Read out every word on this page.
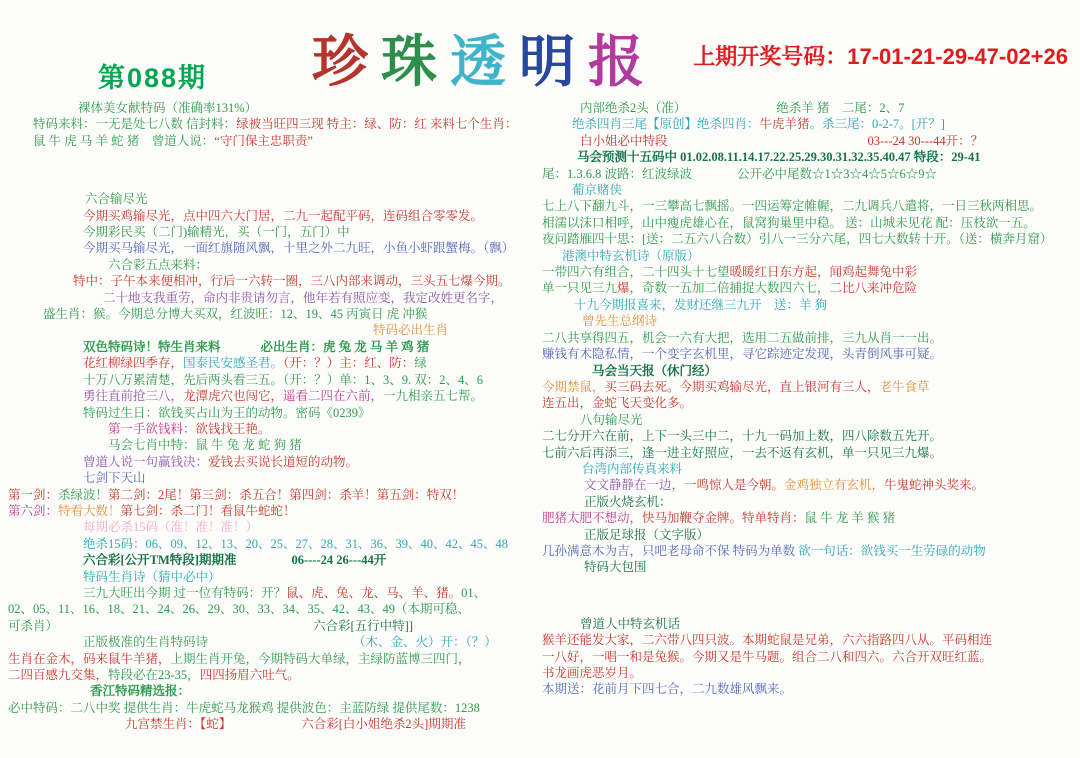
第088期 珍珠透明报 上期开奖号码：17-01-21-29-47-02+26
裸体美女献特码（准确率131%）
特码来料：一无是处七八数 信封料：绿被当旺四三现 特主：绿、防：红 来料七个生肖：
鼠 牛 虎 马 羊 蛇 猪　曾道人说：“守门保主忠职责”
六合输尽光
今期买鸡输尽光，点中四六大门居，二九一起配平码，连码组合零零发。
今期彩民买（二门)输精光，买（一门，五门）中
今期买马输尽光，一面红旗随风飘，十里之外二九旺，小鱼小虾跟蟹梅。（飘）
六合彩五点来料：
特中：子午本来便相冲，行后一六转一圈，三八内部来调动，三头五七爆今期。
二十地支我重劳，命内非贵请勿言，他年若有照应变，我定改姓更名字，
盛生肖：猴。今期总分博大买双，红波旺：12、19、45 丙寅日 虎 冲猴
特码必出生肖
双色特码诗！特生肖来料	必出生肖：虎 兔 龙 马 羊 鸡 猪
花红柳绿四季存，国泰民安感圣君。（开：？）主：红、防：绿
十万八万累清楚，先后两头看三五。（开：？）单：1、3、9. 双：2、4、6
勇往直前抢三八，龙潭虎穴也闯它，遥看二四在六前，一九相亲五七帮。
特码过生日：欲钱买占山为王的动物。密码《0239》
第一手欲钱料：欲钱找王艳。
马会七肖中特：鼠 牛 兔 龙 蛇 狗 猪
曾道人说一句赢钱决：爱钱去买说长道短的动物。
七剑下天山
第一剑：杀绿波！第二剑：2尾！第三剑：杀五合！第四剑：杀羊！第五剑：特双！
第六剑：特看大数！第七剑：杀二门！看鼠牛蛇蛇！
每期必杀15码（准！准！准！）
绝杀15码：06、09、12、13、20、25、27、28、31、36、39、40、42、45、48
六合彩[公开TM特段]期期准	06----24 26---44开
特码生肖诗（猜中必中）
三九大旺出今期 过一位有特码：开？鼠、虎、兔、龙、马、羊、猪。01、
02、05、11、16、18、21、24、26、29、30、33、34、35、42、43、49（本期可稳、
可杀肖）	六合彩[五行中特]]
正版极准的生肖特码诗	（木、金、火）开：（？）
生肖在金木，码来鼠牛羊猪，上期生肖开兔，今期特码大单绿，主绿防蓝博三四门，
二四百感九交集，特段必在23-35，四四扬眉六吐气。
香江特码精选报：
必中特码：二八中奖 提供生肖：牛虎蛇马龙猴鸡 提供波色：主蓝防绿 提供尾数：1238
九宫禁生肖：【蛇】	六合彩[白小姐绝杀2头]期期准
内部绝杀2头（准）	绝杀羊 猪　二尾：2、7
绝杀四肖三尾【原创】绝杀四肖：牛虎羊猪。杀三尾：0-2-7。[开？]
白小姐必中特段	03---24 30---44开：？
马会预测十五码中 01.02.08.11.14.17.22.25.29.30.31.32.35.40.47 特段：29-41
尾：1.3.6.8 波路：红波绿波	公开必中尾数☆1☆3☆4☆5☆6☆9☆
葡京赌侠
七上八下翻九斗，一三攀高七飘摇。一四运筹定帷幄，二九调兵八遣将，一日三秋两相思。
相濡以沫口相呼，山中瘦虎雄心在，鼠窝狗巢里中稳。 送：山城未见花 配：压枝欲一五。
夜问踏雁四十思：[送：二五六八合数）引八一三分六尾，四七大数转十开。（送：横奔月窟）
港澳中特玄机诗（原版）
一带四六有组合，二十四头十七望暖暖红日东方起，闻鸡起舞兔中彩
单一只见三九爆，奇数一五加二倍捕捉大数四六七，二比八来冲危险
十九今期报喜来，发财还继三九开　送：羊 狗
曾先生总纲诗
二八共享得四五，机会一六有大把，选用二五做前排，三九从肖一一出。
赚钱有术隐私情，一个变字玄机里，寻它踪迹定发现，头青倒风事可疑。
马会当天报（休门经）
今期禁鼠，买三码去死。今期买鸡输尽光，直上银河有三人，老牛食草
连五出，金蛇飞天变化多。
八句输尽光
二七分开六在前，上下一头三中二，十九一码加上数，四八除数五先开。
七前六后再添三，逢一进主好照应，一去不返有玄机，单一只见三九爆。
台湾内部传真来料
文文静静在一边，一鸣惊人是今朝。金鸡独立有玄机，牛鬼蛇神头奖来。
正版火烧玄机：
肥猪太肥不想动，快马加鞭夺金牌。特单特肖：鼠 牛 龙 羊 猴 猪
正版足球报（文字版）
几孙满意木为吉，只吧老母命不保 特码为单数 欲一句话：欲钱买一生劳碌的动物
特码大包围
曾道人中特玄机话
猴羊还能发大家，二六带八四只波。本期蛇鼠是兄弟，六六指路四八从。平码相连
一八好，一唱一和是兔猴。今期又是牛马题。组合二八和四六。六合开双旺红蓝。
书龙画虎恶岁月。
本期送：花前月下四七合，二九数雄风飘来。
